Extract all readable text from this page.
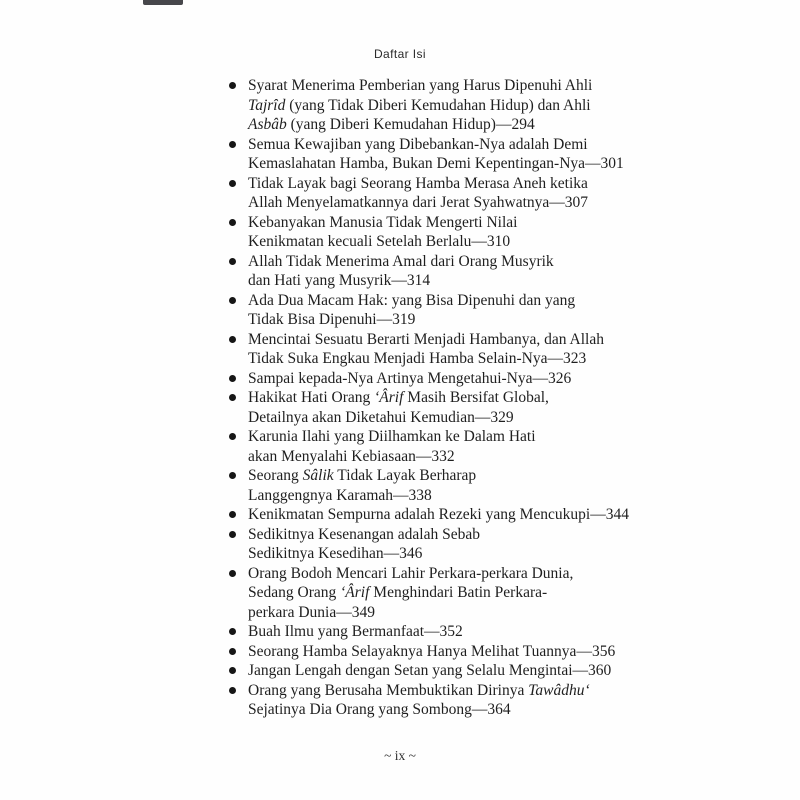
Daftar Isi
Syarat Menerima Pemberian yang Harus Dipenuhi Ahli
Tajrîd (yang Tidak Diberi Kemudahan Hidup) dan Ahli
Asbâb (yang Diberi Kemudahan Hidup)—294
Semua Kewajiban yang Dibebankan-Nya adalah Demi
Kemaslahatan Hamba, Bukan Demi Kepentingan-Nya—301
Tidak Layak bagi Seorang Hamba Merasa Aneh ketika
Allah Menyelamatkannya dari Jerat Syahwatnya—307
Kebanyakan Manusia Tidak Mengerti Nilai
Kenikmatan kecuali Setelah Berlalu—310
Allah Tidak Menerima Amal dari Orang Musyrik
dan Hati yang Musyrik—314
Ada Dua Macam Hak: yang Bisa Dipenuhi dan yang
Tidak Bisa Dipenuhi—319
Mencintai Sesuatu Berarti Menjadi Hambanya, dan Allah
Tidak Suka Engkau Menjadi Hamba Selain-Nya—323
Sampai kepada-Nya Artinya Mengetahui-Nya—326
Hakikat Hati Orang ‘Ârif Masih Bersifat Global,
Detailnya akan Diketahui Kemudian—329
Karunia Ilahi yang Diilhamkan ke Dalam Hati
akan Menyalahi Kebiasaan—332
Seorang Sâlik Tidak Layak Berharap
Langgengnya Karamah—338
Kenikmatan Sempurna adalah Rezeki yang Mencukupi—344
Sedikitnya Kesenangan adalah Sebab
Sedikitnya Kesedihan—346
Orang Bodoh Mencari Lahir Perkara-perkara Dunia,
Sedang Orang ‘Ârif Menghindari Batin Perkara-
perkara Dunia—349
Buah Ilmu yang Bermanfaat—352
Seorang Hamba Selayaknya Hanya Melihat Tuannya—356
Jangan Lengah dengan Setan yang Selalu Mengintai—360
Orang yang Berusaha Membuktikan Dirinya Tawâdhu‘
Sejatinya Dia Orang yang Sombong—364
~ ix ~
